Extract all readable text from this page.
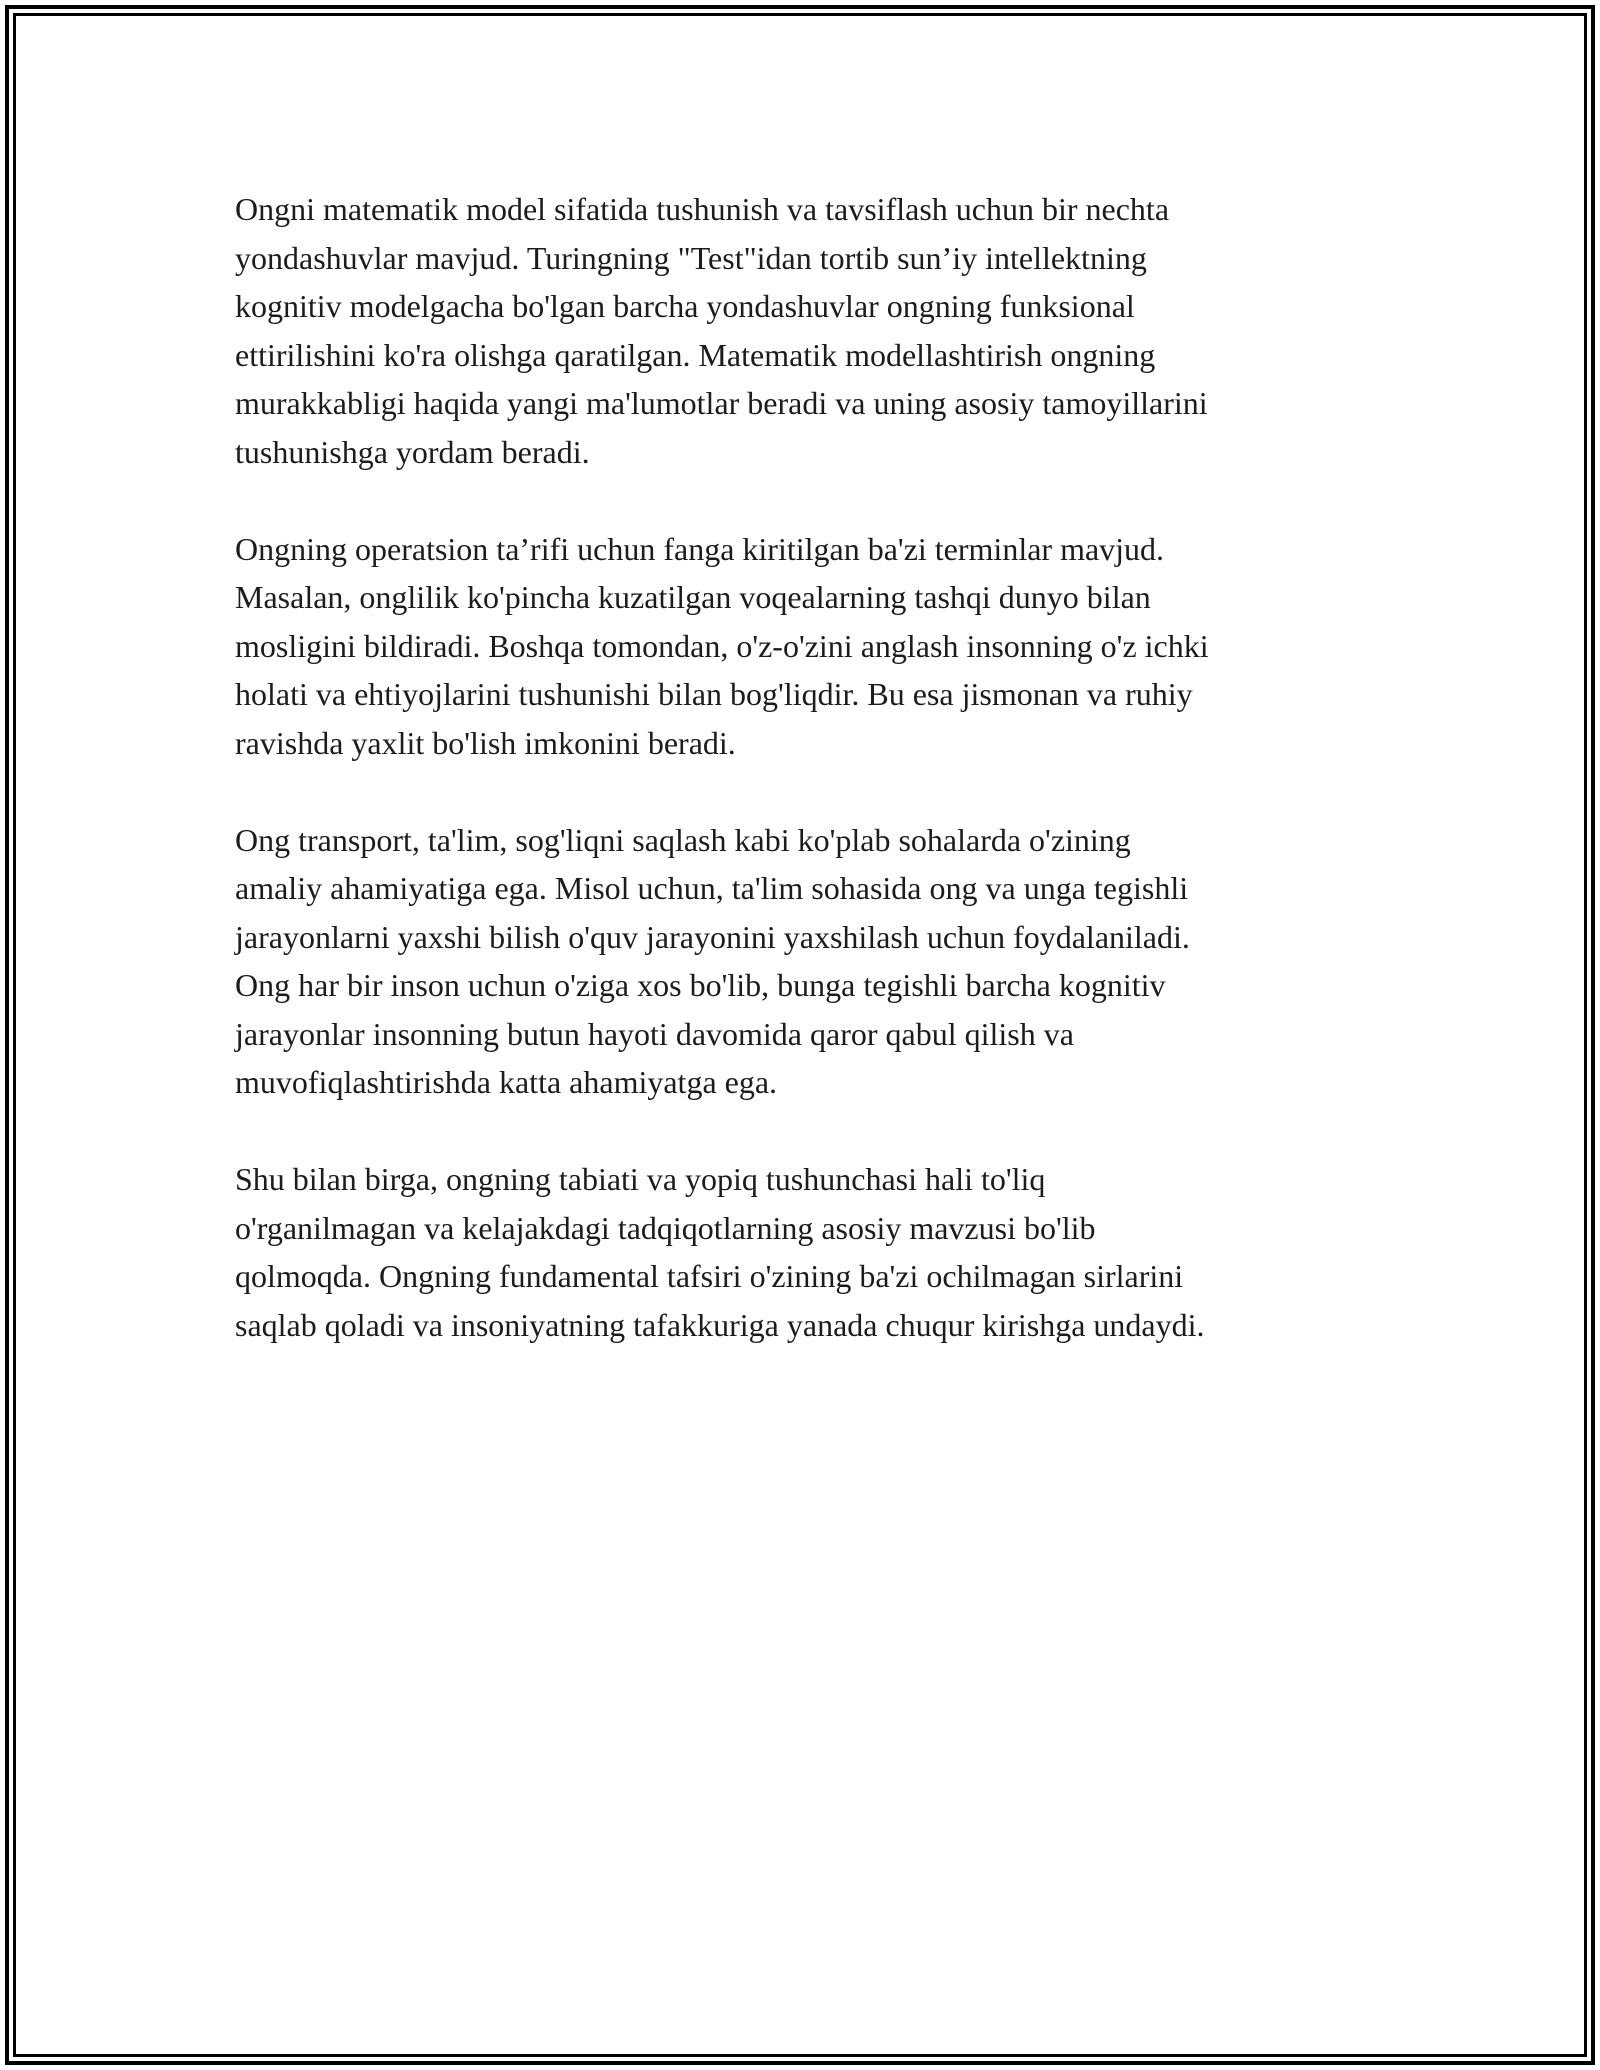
Ongni matematik model sifatida tushunish va tavsiflash uchun bir nechta
yondashuvlar mavjud. Turingning "Test"idan tortib sun’iy intellektning
kognitiv modelgacha bo'lgan barcha yondashuvlar ongning funksional
ettirilishini ko'ra olishga qaratilgan. Matematik modellashtirish ongning
murakkabligi haqida yangi ma'lumotlar beradi va uning asosiy tamoyillarini
tushunishga yordam beradi.

Ongning operatsion ta’rifi uchun fanga kiritilgan ba'zi terminlar mavjud.
Masalan, onglilik ko'pincha kuzatilgan voqealarning tashqi dunyo bilan
mosligini bildiradi. Boshqa tomondan, o'z-o'zini anglash insonning o'z ichki
holati va ehtiyojlarini tushunishi bilan bog'liqdir. Bu esa jismonan va ruhiy
ravishda yaxlit bo'lish imkonini beradi.

Ong transport, ta'lim, sog'liqni saqlash kabi ko'plab sohalarda o'zining
amaliy ahamiyatiga ega. Misol uchun, ta'lim sohasida ong va unga tegishli
jarayonlarni yaxshi bilish o'quv jarayonini yaxshilash uchun foydalaniladi.
Ong har bir inson uchun o'ziga xos bo'lib, bunga tegishli barcha kognitiv
jarayonlar insonning butun hayoti davomida qaror qabul qilish va
muvofiqlashtirishda katta ahamiyatga ega.

Shu bilan birga, ongning tabiati va yopiq tushunchasi hali to'liq
o'rganilmagan va kelajakdagi tadqiqotlarning asosiy mavzusi bo'lib
qolmoqda. Ongning fundamental tafsiri o'zining ba'zi ochilmagan sirlarini
saqlab qoladi va insoniyatning tafakkuriga yanada chuqur kirishga undaydi.
